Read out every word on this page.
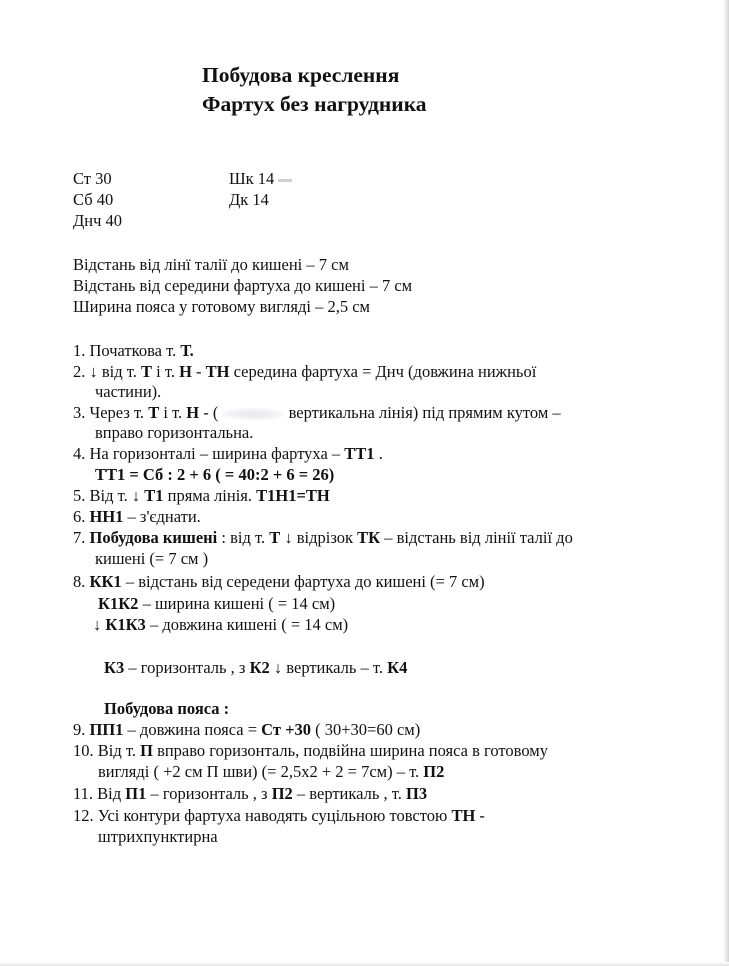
Побудова креслення
Фартух без нагрудника
Ст 30	Шк 14
Сб 40	Дк 14
Днч 40
Відстань від лінї талії до кишені – 7 см
Відстань від середини фартуха до кишені – 7 см
Ширина пояса у готовому вигляді – 2,5 см
1. Початкова т. Т.
2. ↓ від т. Т і т. Н - ТН середина фартуха = Днч (довжина нижньої
частини).
3. Через т. Т і т. Н - (	вертикальна лінія) під прямим кутом –
вправо горизонтальна.
4. На горизонталі – ширина фартуха – ТТ1 .
ТТ1 = Сб : 2 + 6 ( = 40:2 + 6 = 26)
5. Від т. ↓ Т1 пряма лінія. Т1Н1=ТН
6. НН1 – з'єднати.
7. Побудова кишені : від т. Т ↓ відрізок ТК – відстань від лінії талії до
кишені (= 7 см )
8. КК1 – відстань від середени фартуха до кишені (= 7 см)
К1К2 – ширина кишені ( = 14 см)
↓ К1К3 – довжина кишені ( = 14 см)
К3 – горизонталь , з К2 ↓ вертикаль – т. К4
Побудова пояса :
9. ПП1 – довжина пояса = Ст +30 ( 30+30=60 см)
10. Від т. П вправо горизонталь, подвійна ширина пояса в готовому
вигляді ( +2 см П шви) (= 2,5х2 + 2 = 7см) – т. П2
11. Від П1 – горизонталь , з П2 – вертикаль , т. П3
12. Усі контури фартуха наводять суцільною товстою ТН -
штрихпунктирна
